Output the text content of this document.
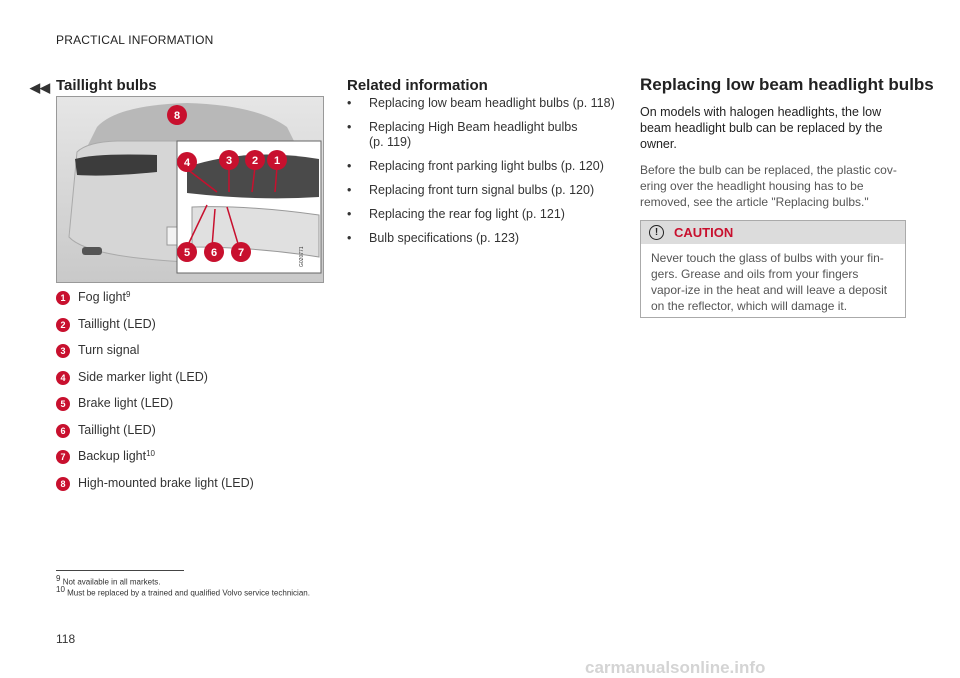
PRACTICAL INFORMATION
◀◀ Taillight bulbs
G020771
4	3 2 1
5 6 7
8
1	Fog light$^9$
2	Taillight (LED)
3	Turn signal
4	Side marker light (LED)
5	Brake light (LED)
6	Taillight (LED)
7	Backup light$^{10}$
8	High-mounted brake light (LED)
Related information
•	Replacing low beam headlight bulbs (p. 118)
•	Replacing High Beam headlight bulbs (p. 119)
•	Replacing front parking light bulbs (p. 120)
•	Replacing front turn signal bulbs (p. 120)
•	Replacing the rear fog light (p. 121)
•	Bulb specifications (p. 123)
Replacing low beam headlight bulbs
On models with halogen headlights, the low beam headlight bulb can be replaced by the owner.
Before the bulb can be replaced, the plastic cov-ering over the headlight housing has to be removed, see the article "Replacing bulbs."
!	CAUTION
Never touch the glass of bulbs with your fin-gers. Grease and oils from your fingers vapor-ize in the heat and will leave a deposit on the reflector, which will damage it.
$^9$ Not available in all markets.
$^{10}$ Must be replaced by a trained and qualified Volvo service technician.
118
carmanualsonline.info
